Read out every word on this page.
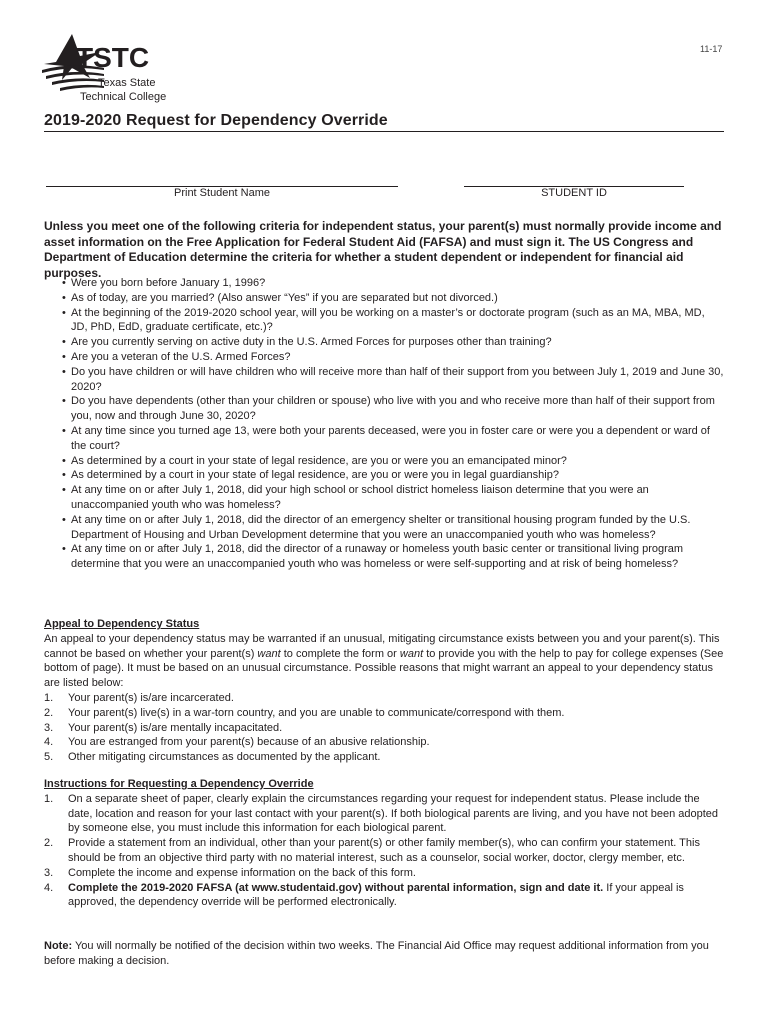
TSTC
Texas State
Technical College
11-17
2019-2020 Request for Dependency Override
Print Student Name	STUDENT ID
Unless you meet one of the following criteria for independent status, your parent(s) must normally provide income and asset information on the Free Application for Federal Student Aid (FAFSA) and must sign it. The US Congress and Department of Education determine the criteria for whether a student dependent or independent for financial aid purposes.
• Were you born before January 1, 1996?
• As of today, are you married? (Also answer “Yes” if you are separated but not divorced.)
• At the beginning of the 2019-2020 school year, will you be working on a master’s or doctorate program (such as an MA, MBA, MD, JD, PhD, EdD, graduate certificate, etc.)?
• Are you currently serving on active duty in the U.S. Armed Forces for purposes other than training?
• Are you a veteran of the U.S. Armed Forces?
• Do you have children or will have children who will receive more than half of their support from you between July 1, 2019 and June 30, 2020?
• Do you have dependents (other than your children or spouse) who live with you and who receive more than half of their support from you, now and through June 30, 2020?
• At any time since you turned age 13, were both your parents deceased, were you in foster care or were you a dependent or ward of the court?
• As determined by a court in your state of legal residence, are you or were you an emancipated minor?
• As determined by a court in your state of legal residence, are you or were you in legal guardianship?
• At any time on or after July 1, 2018, did your high school or school district homeless liaison determine that you were an unaccompanied youth who was homeless?
• At any time on or after July 1, 2018, did the director of an emergency shelter or transitional housing program funded by the U.S. Department of Housing and Urban Development determine that you were an unaccompanied youth who was homeless?
• At any time on or after July 1, 2018, did the director of a runaway or homeless youth basic center or transitional living program determine that you were an unaccompanied youth who was homeless or were self-supporting and at risk of being homeless?
Appeal to Dependency Status
An appeal to your dependency status may be warranted if an unusual, mitigating circumstance exists between you and your parent(s). This cannot be based on whether your parent(s) want to complete the form or want to provide you with the help to pay for college expenses (See bottom of page). It must be based on an unusual circumstance. Possible reasons that might warrant an appeal to your dependency status are listed below:
1. Your parent(s) is/are incarcerated.
2. Your parent(s) live(s) in a war-torn country, and you are unable to communicate/correspond with them.
3. Your parent(s) is/are mentally incapacitated.
4. You are estranged from your parent(s) because of an abusive relationship.
5. Other mitigating circumstances as documented by the applicant.
Instructions for Requesting a Dependency Override
1. On a separate sheet of paper, clearly explain the circumstances regarding your request for independent status. Please include the date, location and reason for your last contact with your parent(s). If both biological parents are living, and you have not been adopted by someone else, you must include this information for each biological parent.
2. Provide a statement from an individual, other than your parent(s) or other family member(s), who can confirm your statement. This should be from an objective third party with no material interest, such as a counselor, social worker, doctor, clergy member, etc.
3. Complete the income and expense information on the back of this form.
4. Complete the 2019-2020 FAFSA (at www.studentaid.gov) without parental information, sign and date it. If your appeal is approved, the dependency override will be performed electronically.
Note: You will normally be notified of the decision within two weeks. The Financial Aid Office may request additional information from you before making a decision.
